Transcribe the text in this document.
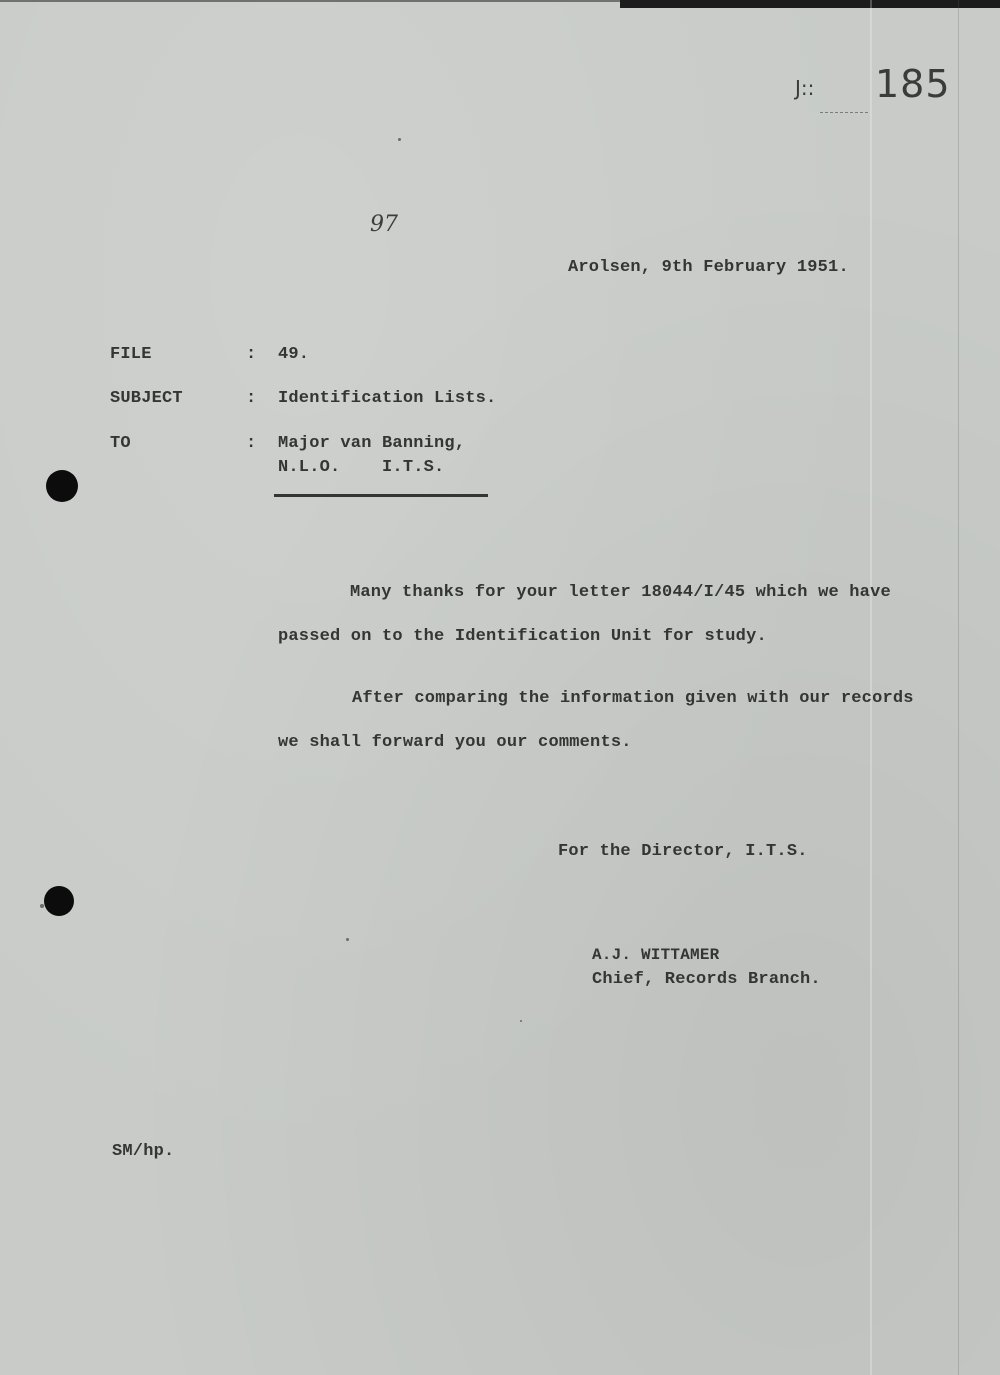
J:: 185
97
Arolsen, 9th February 1951.
FILE	: 49.
SUBJECT	: Identification Lists.
TO	: Major van Banning,
N.L.O.    I.T.S.
Many thanks for your letter 18044/I/45 which we have
passed on to the Identification Unit for study.
After comparing the information given with our records
we shall forward you our comments.
For the Director, I.T.S.
A.J. WITTAMER
Chief, Records Branch.
SM/hp.
